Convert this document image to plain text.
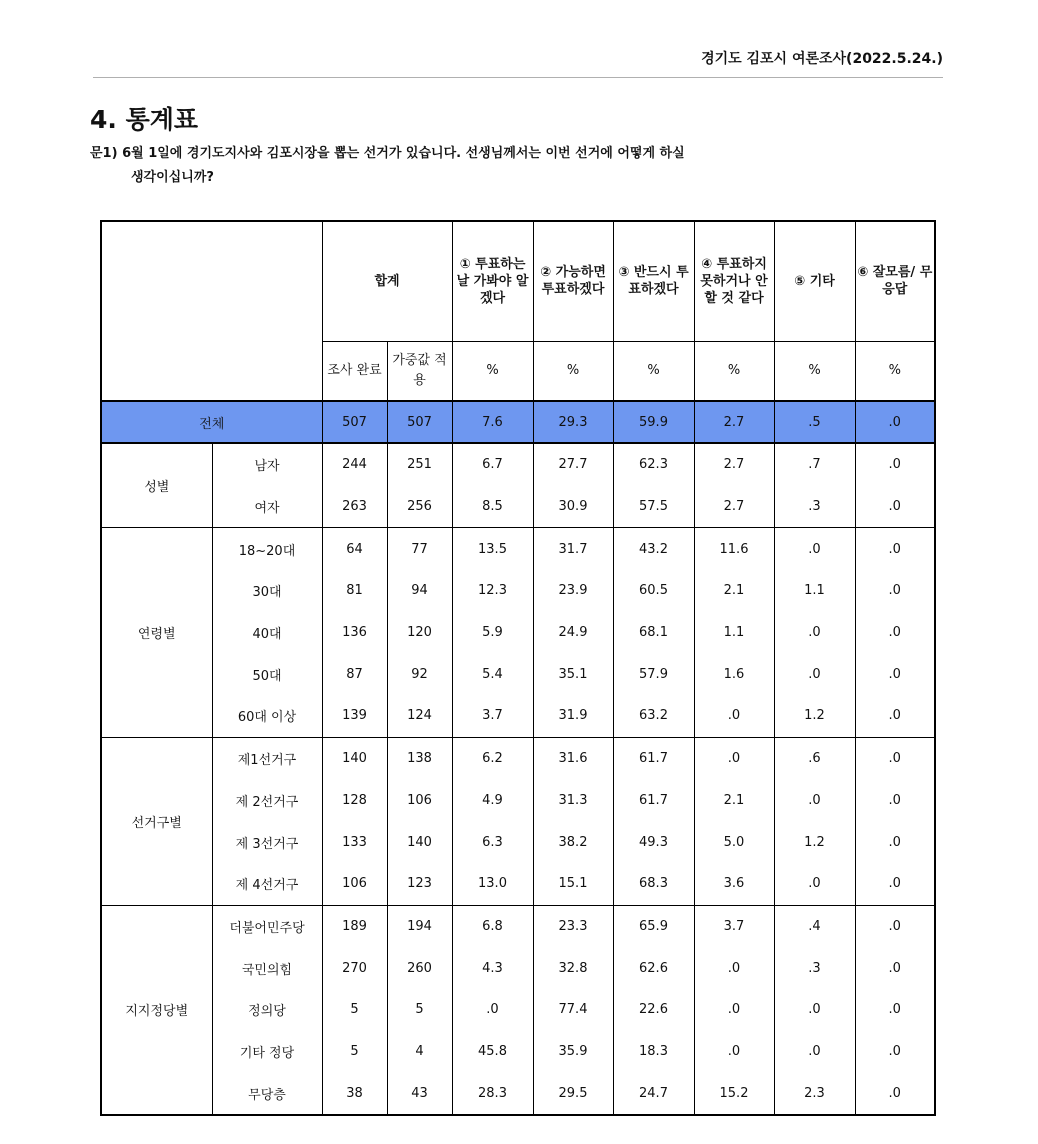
경기도 김포시 여론조사(2022.5.24.)
4. 통계표
문1) 6월 1일에 경기도지사와 김포시장을 뽑는 선거가 있습니다. 선생님께서는 이번 선거에 어떻게 하실
생각이십니까?
		합계		① 투표하는 날 가봐야 알겠다	② 가능하면 투표하겠다	③ 반드시 투표하겠다	④ 투표하지 못하거나 안할 것 같다	⑤ 기타	⑥ 잘모름/ 무응답
		조사 완료	가중값 적용	%	%	%	%	%	%
전체		507	507	7.6	29.3	59.9	2.7	.5	.0
성별	남자	244	251	6.7	27.7	62.3	2.7	.7	.0
	여자	263	256	8.5	30.9	57.5	2.7	.3	.0
연령별	18~20대	64	77	13.5	31.7	43.2	11.6	.0	.0
	30대	81	94	12.3	23.9	60.5	2.1	1.1	.0
	40대	136	120	5.9	24.9	68.1	1.1	.0	.0
	50대	87	92	5.4	35.1	57.9	1.6	.0	.0
	60대 이상	139	124	3.7	31.9	63.2	.0	1.2	.0
선거구별	제1선거구	140	138	6.2	31.6	61.7	.0	.6	.0
	제 2선거구	128	106	4.9	31.3	61.7	2.1	.0	.0
	제 3선거구	133	140	6.3	38.2	49.3	5.0	1.2	.0
	제 4선거구	106	123	13.0	15.1	68.3	3.6	.0	.0
지지정당별	더불어민주당	189	194	6.8	23.3	65.9	3.7	.4	.0
	국민의힘	270	260	4.3	32.8	62.6	.0	.3	.0
	정의당	5	5	.0	77.4	22.6	.0	.0	.0
	기타 정당	5	4	45.8	35.9	18.3	.0	.0	.0
	무당층	38	43	28.3	29.5	24.7	15.2	2.3	.0
